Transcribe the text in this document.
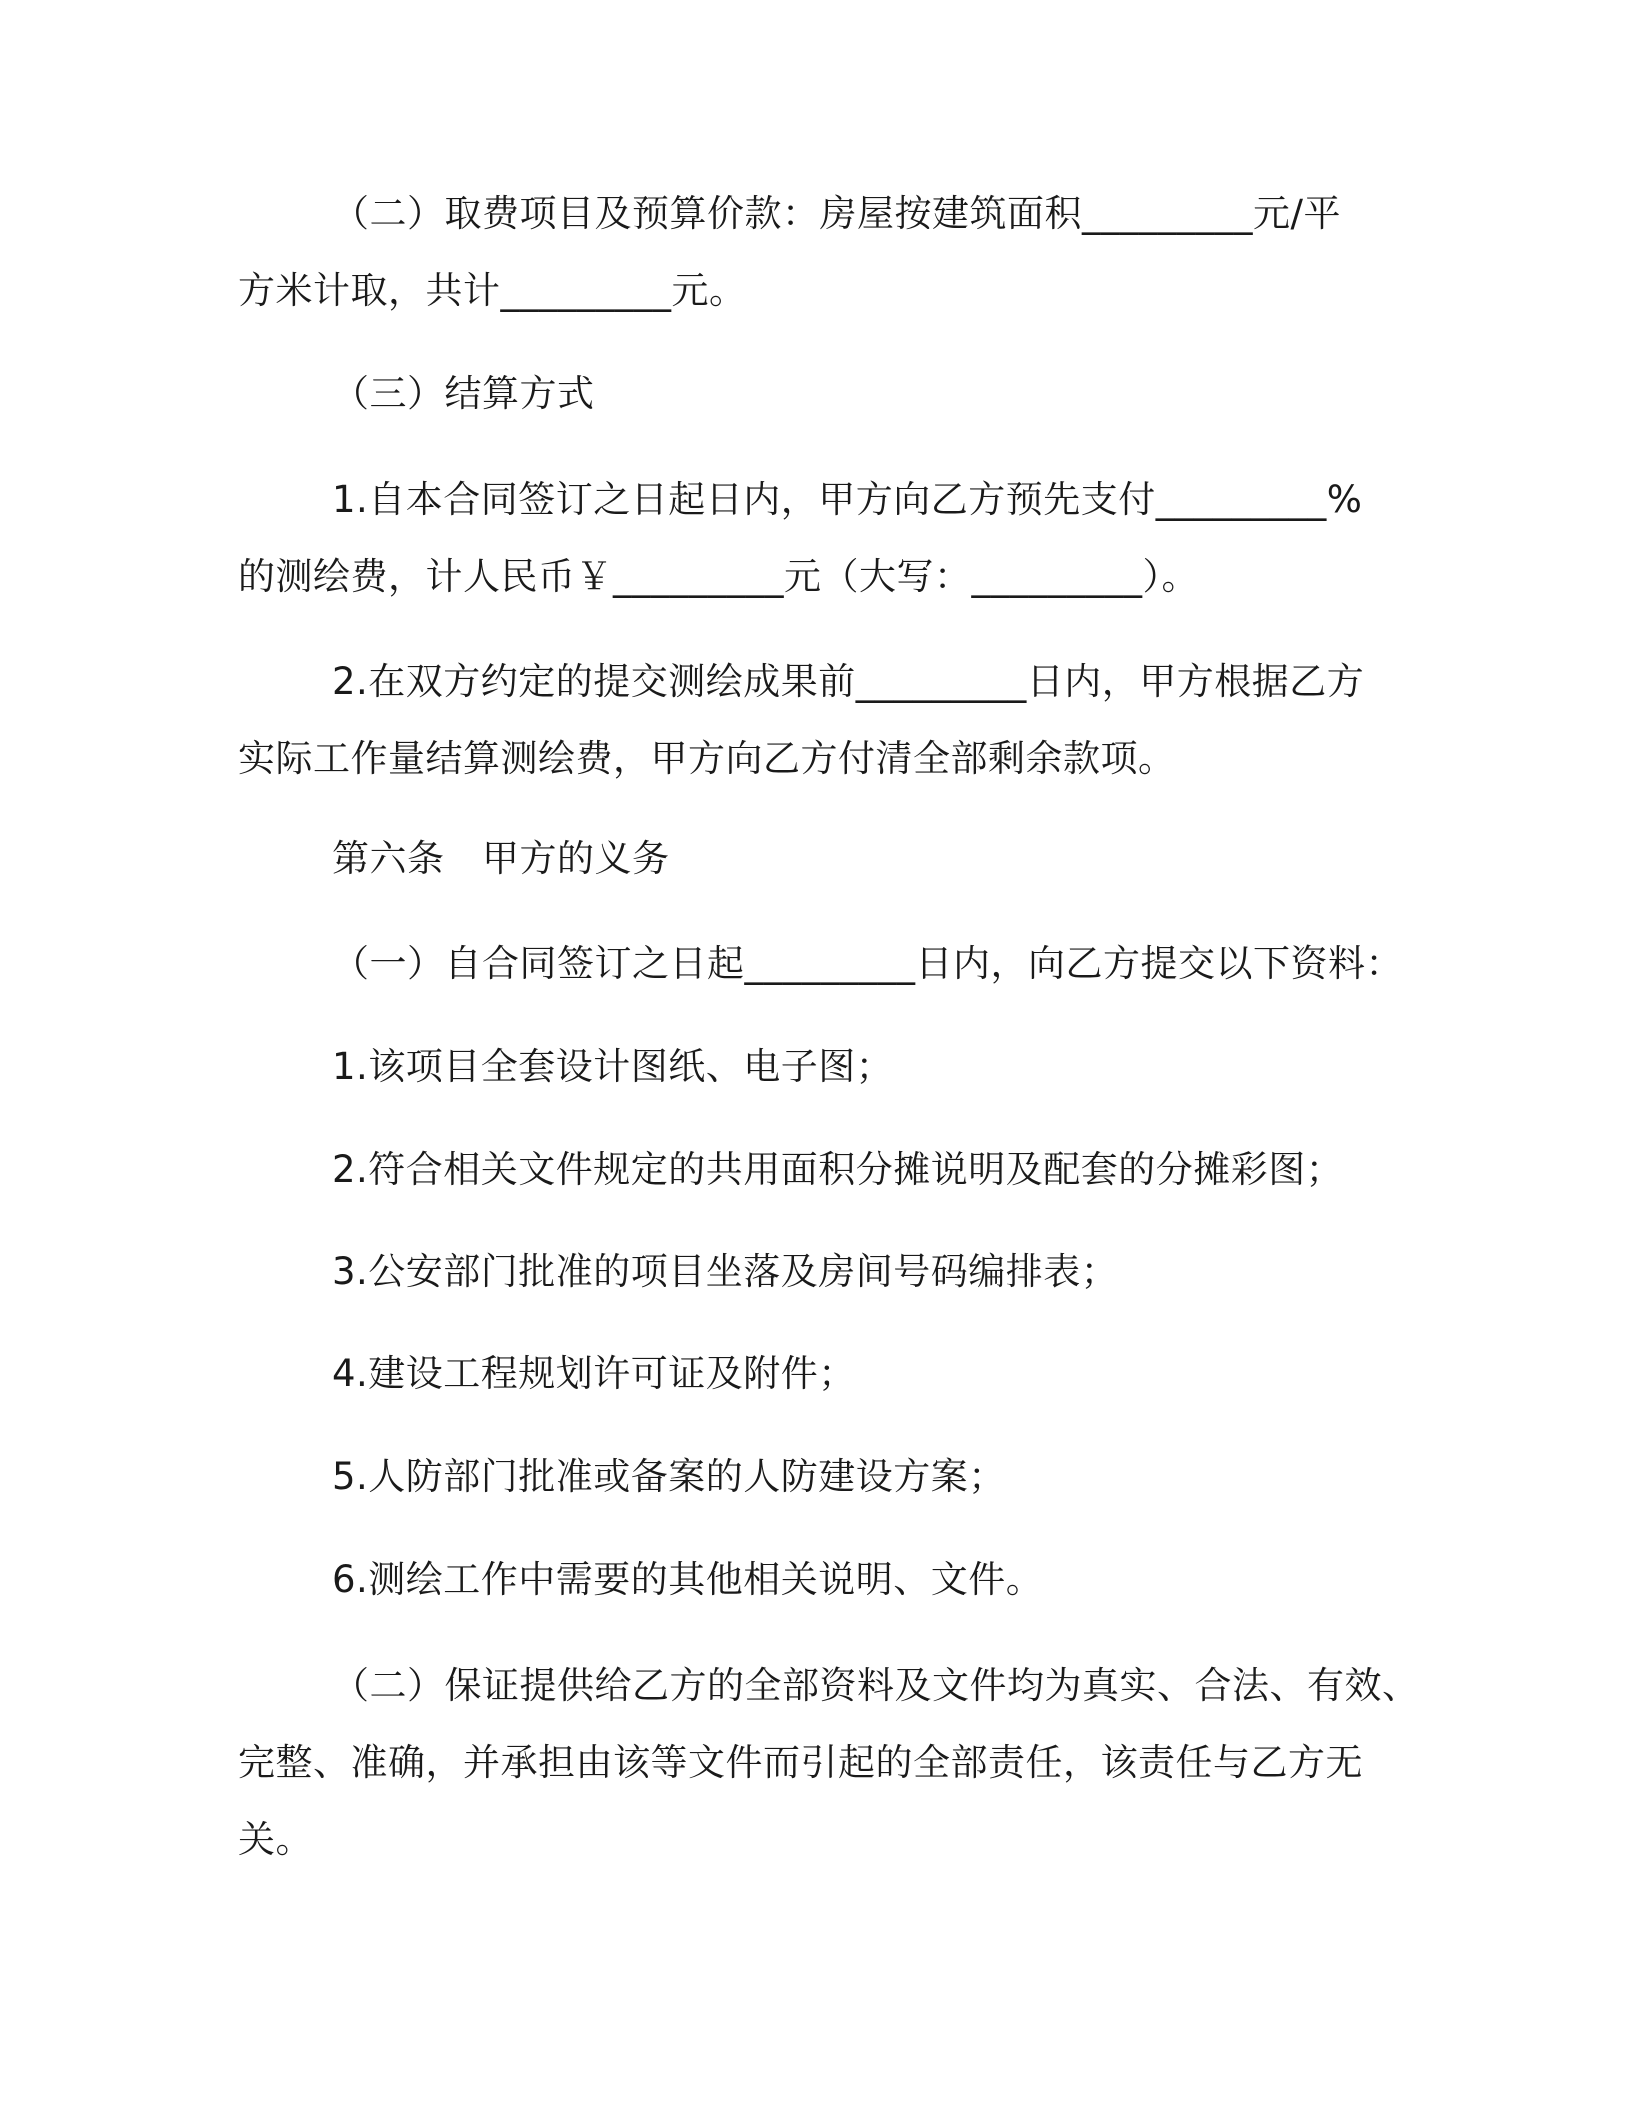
（二）取费项目及预算价款：房屋按建筑面积_________元/平
方米计取，共计_________元。

（三）结算方式

1.自本合同签订之日起日内，甲方向乙方预先支付_________%
的测绘费，计人民币￥_________元（大写：_________）。

2.在双方约定的提交测绘成果前_________日内，甲方根据乙方
实际工作量结算测绘费，甲方向乙方付清全部剩余款项。

第六条　甲方的义务

（一）自合同签订之日起_________日内，向乙方提交以下资料：

1.该项目全套设计图纸、电子图；

2.符合相关文件规定的共用面积分摊说明及配套的分摊彩图；

3.公安部门批准的项目坐落及房间号码编排表；

4.建设工程规划许可证及附件；

5.人防部门批准或备案的人防建设方案；

6.测绘工作中需要的其他相关说明、文件。

（二）保证提供给乙方的全部资料及文件均为真实、合法、有效、
完整、准确，并承担由该等文件而引起的全部责任，该责任与乙方无
关。
